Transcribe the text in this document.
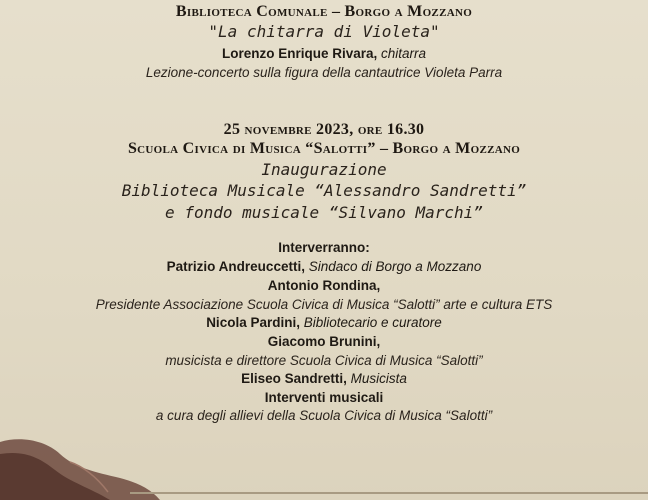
Biblioteca Comunale – Borgo a Mozzano
"La chitarra di Violeta"
Lorenzo Enrique Rivara, chitarra
Lezione-concerto sulla figura della cantautrice Violeta Parra
25 novembre 2023, ore 16.30
Scuola Civica di Musica “Salotti” – Borgo a Mozzano
Inaugurazione
Biblioteca Musicale “Alessandro Sandretti”
e fondo musicale “Silvano Marchi”
Interverranno:
Patrizio Andreuccetti, Sindaco di Borgo a Mozzano
Antonio Rondina,
Presidente Associazione Scuola Civica di Musica “Salotti” arte e cultura ETS
Nicola Pardini, Bibliotecario e curatore
Giacomo Brunini,
musicista e direttore Scuola Civica di Musica “Salotti”
Eliseo Sandretti, Musicista
Interventi musicali
a cura degli allievi della Scuola Civica di Musica “Salotti”
